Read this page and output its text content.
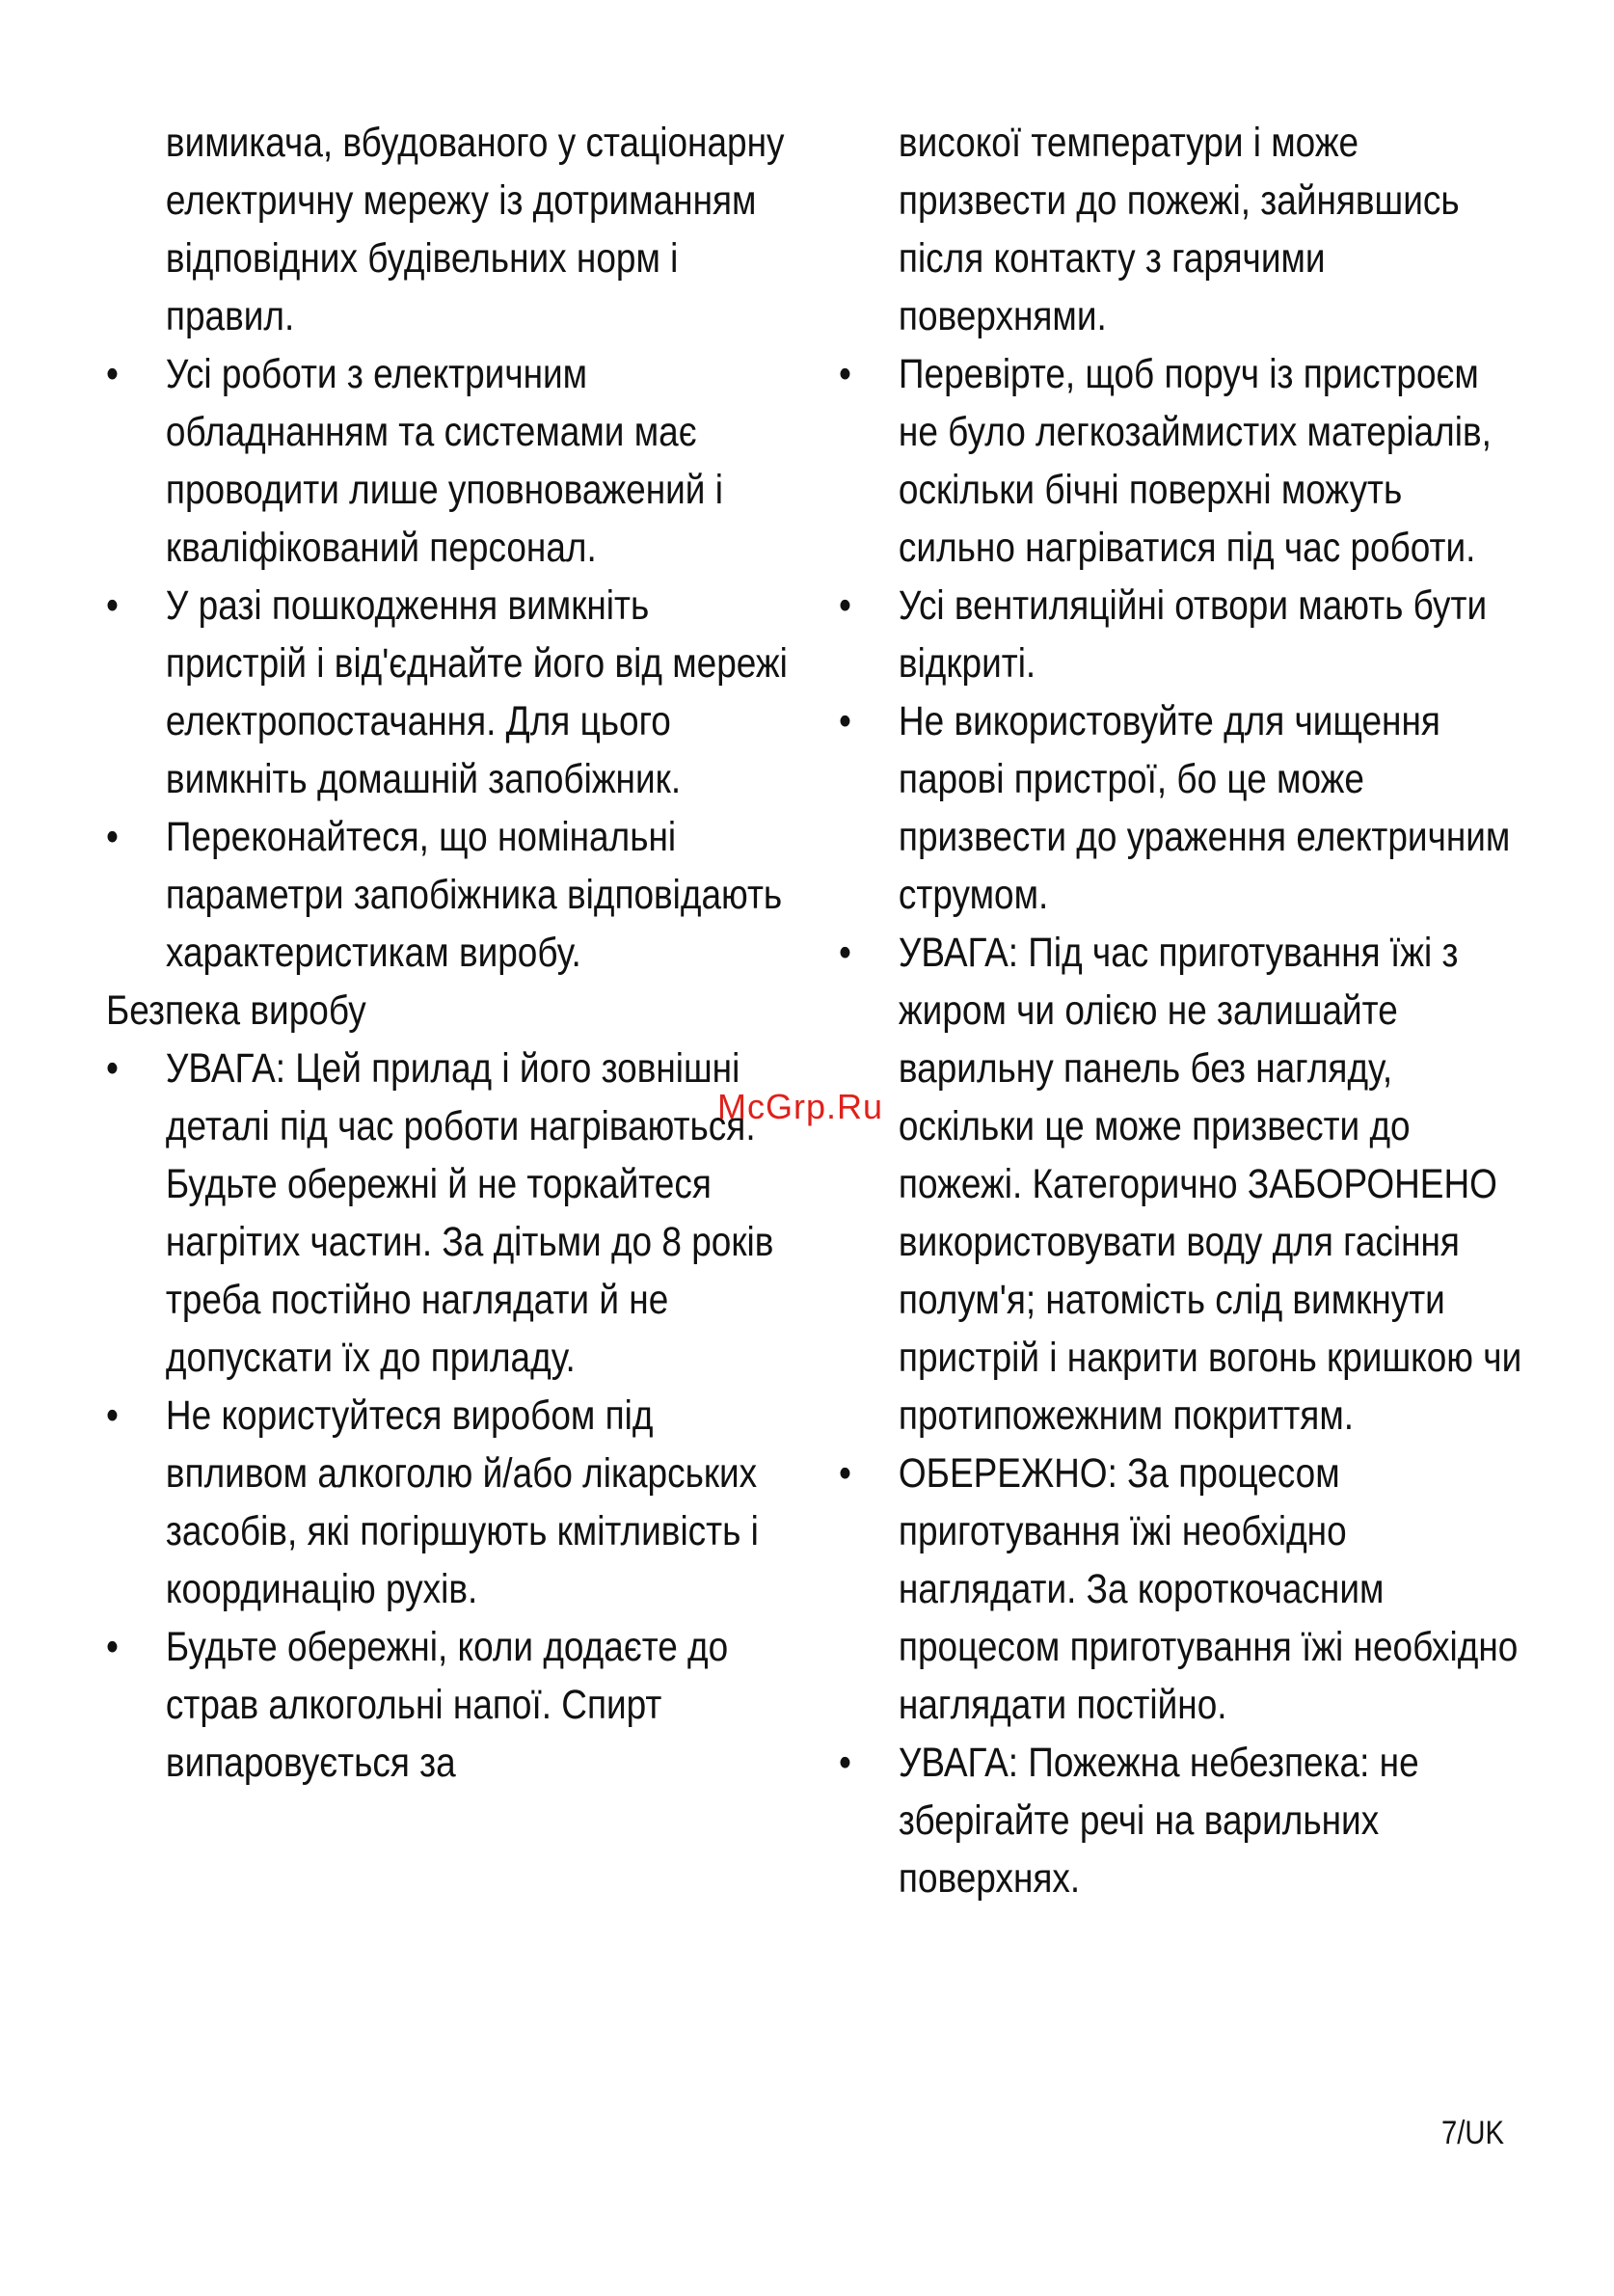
вимикача, вбудованого у стаціонарну електричну мережу із дотриманням відповідних будівельних норм і правил.

•	Усі роботи з електричним обладнанням та системами має проводити лише уповноважений і кваліфікований персонал.
•	У разі пошкодження вимкніть пристрій і від'єднайте його від мережі електропостачання. Для цього вимкніть домашній запобіжник.
•	Переконайтеся, що номінальні параметри запобіжника відповідають характеристикам виробу.

Безпека виробу

•	УВАГА: Цей прилад і його зовнішні деталі під час роботи нагріваються. Будьте обережні й не торкайтеся нагрітих частин. За дітьми до 8 років треба постійно наглядати й не допускати їх до приладу.
•	Не користуйтеся виробом під впливом алкоголю й/або лікарських засобів, які погіршують кмітливість і координацію рухів.
•	Будьте обережні, коли додаєте до страв алкогольні напої. Спирт випаровується за

високої температури і може призвести до пожежі, зайнявшись після контакту з гарячими поверхнями.

•	Перевірте, щоб поруч із пристроєм не було легкозаймистих матеріалів, оскільки бічні поверхні можуть сильно нагріватися під час роботи.
•	Усі вентиляційні отвори мають бути відкриті.
•	Не використовуйте для чищення парові пристрої, бо це може призвести до ураження електричним струмом.
•	УВАГА: Під час приготування їжі з жиром чи олією не залишайте варильну панель без нагляду, оскільки це може призвести до пожежі. Категорично ЗАБОРОНЕНО використовувати воду для гасіння полум'я; натомість слід вимкнути пристрій і накрити вогонь кришкою чи протипожежним покриттям.
•	ОБЕРЕЖНО: За процесом приготування їжі необхідно наглядати. За короткочасним процесом приготування їжі необхідно наглядати постійно.
•	УВАГА: Пожежна небезпека: не зберігайте речі на варильних поверхнях.
McGrp.Ru
7/UK
